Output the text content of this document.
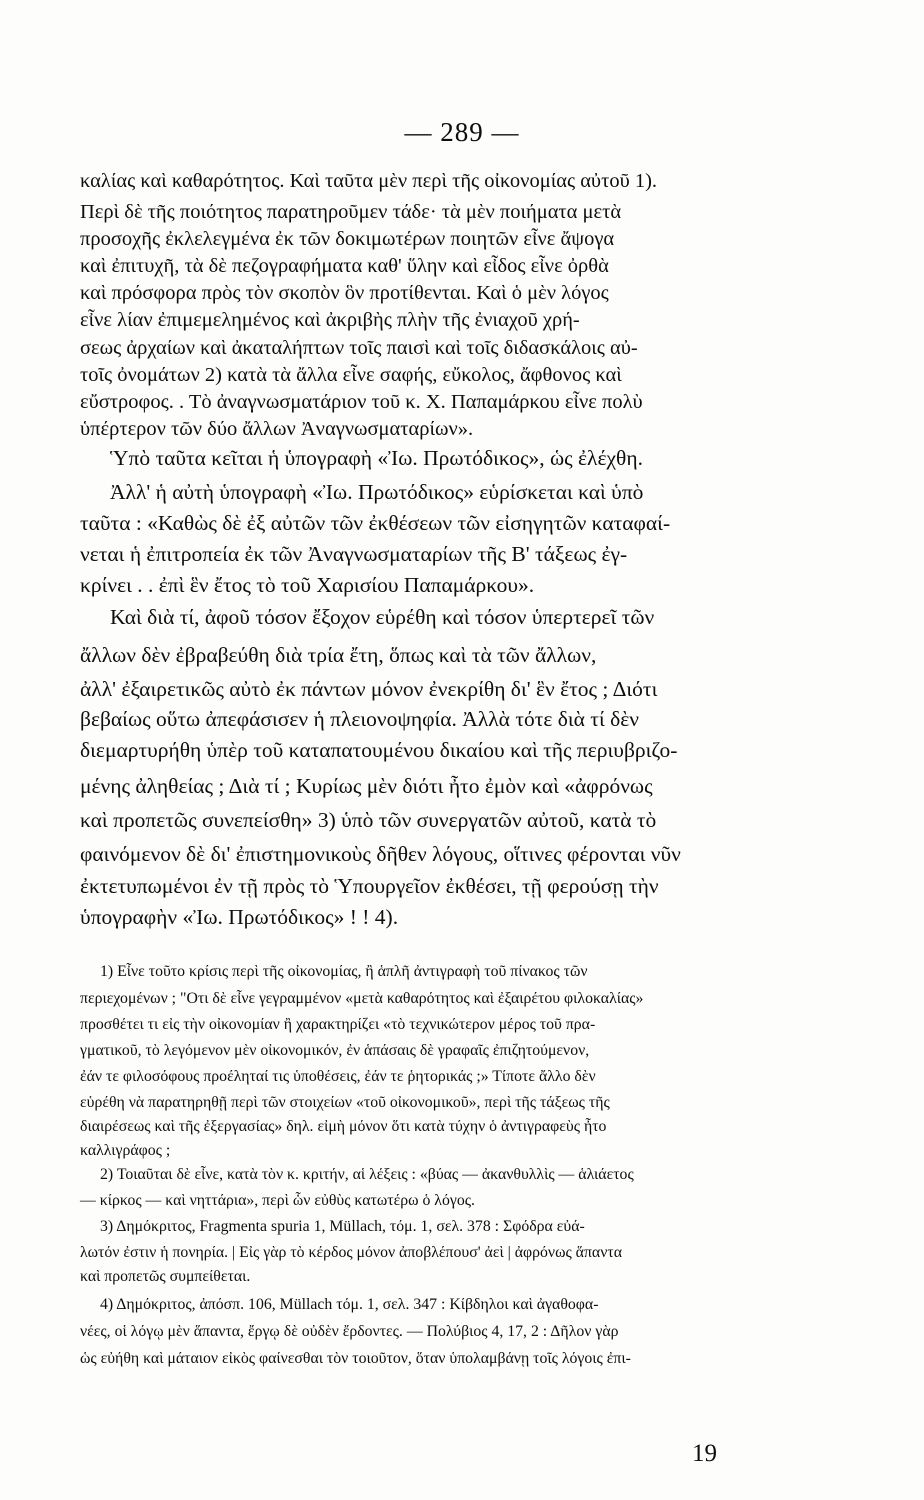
— 289 —
καλίας καὶ καθαρότητος. Καὶ ταῦτα μὲν περὶ τῆς οἰκονομίας αὐτοῦ 1).
Περὶ δὲ τῆς ποιότητος παρατηροῦμεν τάδε· τὰ μὲν ποιήματα μετὰ
προσοχῆς ἐκλελεγμένα ἐκ τῶν δοκιμωτέρων ποιητῶν εἶνε ἄψογα
καὶ ἐπιτυχῆ, τὰ δὲ πεζογραφήματα καθ' ὕλην καὶ εἶδος εἶνε ὀρθὰ
καὶ πρόσφορα πρὸς τὸν σκοπὸν ὃν προτίθενται. Καὶ ὁ μὲν λόγος
εἶνε λίαν ἐπιμεμελημένος καὶ ἀκριβὴς πλὴν τῆς ἐνιαχοῦ χρή-
σεως ἀρχαίων καὶ ἀκαταλήπτων τοῖς παισὶ καὶ τοῖς διδασκάλοις αὐ-
τοῖς ὀνομάτων 2) κατὰ τὰ ἄλλα εἶνε σαφής, εὔκολος, ἄφθονος καὶ
εὔστροφος. . Τὸ ἀναγνωσματάριον τοῦ κ. Χ. Παπαμάρκου εἶνε πολὺ
ὑπέρτερον τῶν δύο ἄλλων Ἀναγνωσματαρίων».
Ὑπὸ ταῦτα κεῖται ἡ ὑπογραφὴ «Ἰω. Πρωτόδικος», ὡς ἐλέχθη.
Ἀλλ' ἡ αὐτὴ ὑπογραφὴ «Ἰω. Πρωτόδικος» εὑρίσκεται καὶ ὑπὸ
ταῦτα : «Καθὼς δὲ ἐξ αὐτῶν τῶν ἐκθέσεων τῶν εἰσηγητῶν καταφαί-
νεται ἡ ἐπιτροπεία ἐκ τῶν Ἀναγνωσματαρίων τῆς Β' τάξεως ἐγ-
κρίνει . . ἐπὶ ἓν ἔτος τὸ τοῦ Χαρισίου Παπαμάρκου».
Καὶ διὰ τί, ἀφοῦ τόσον ἔξοχον εὑρέθη καὶ τόσον ὑπερτερεῖ τῶν
ἄλλων δὲν ἐβραβεύθη διὰ τρία ἔτη, ὅπως καὶ τὰ τῶν ἄλλων,
ἀλλ' ἐξαιρετικῶς αὐτὸ ἐκ πάντων μόνον ἐνεκρίθη δι' ἓν ἔτος ; Διότι
βεβαίως οὕτω ἀπεφάσισεν ἡ πλειονοψηφία. Ἀλλὰ τότε διὰ τί δὲν
διεμαρτυρήθη ὑπὲρ τοῦ καταπατουμένου δικαίου καὶ τῆς περιυβριζο-
μένης ἀληθείας ; Διὰ τί ; Κυρίως μὲν διότι ἦτο ἐμὸν καὶ «ἀφρόνως
καὶ προπετῶς συνεπείσθη» 3) ὑπὸ τῶν συνεργατῶν αὐτοῦ, κατὰ τὸ
φαινόμενον δὲ δι' ἐπιστημονικοὺς δῆθεν λόγους, οἵτινες φέρονται νῦν
ἐκτετυπωμένοι ἐν τῇ πρὸς τὸ Ὑπουργεῖον ἐκθέσει, τῇ φερούσῃ τὴν
ὑπογραφὴν «Ἰω. Πρωτόδικος» ! ! 4).
1) Εἶνε τοῦτο κρίσις περὶ τῆς οἰκονομίας, ἢ ἁπλῆ ἀντιγραφὴ τοῦ πίνακος τῶν
περιεχομένων ; "Οτι δὲ εἶνε γεγραμμένον «μετὰ καθαρότητος καὶ ἐξαιρέτου φιλοκαλίας»
προσθέτει τι εἰς τὴν οἰκονομίαν ἢ χαρακτηρίζει «τὸ τεχνικώτερον μέρος τοῦ πρα-
γματικοῦ, τὸ λεγόμενον μὲν οἰκονομικόν, ἐν ἁπάσαις δὲ γραφαῖς ἐπιζητούμενον,
ἐάν τε φιλοσόφους προέληταί τις ὑποθέσεις, ἐάν τε ῥητορικάς ;» Τίποτε ἄλλο δὲν
εὑρέθη νὰ παρατηρηθῇ περὶ τῶν στοιχείων «τοῦ οἰκονομικοῦ», περὶ τῆς τάξεως τῆς
διαιρέσεως καὶ τῆς ἐξεργασίας» δηλ. εἰμὴ μόνον ὅτι κατὰ τύχην ὁ ἀντιγραφεὺς ἦτο
καλλιγράφος ;
2) Τοιαῦται δὲ εἶνε, κατὰ τὸν κ. κριτήν, αἱ λέξεις : «βύας — ἀκανθυλλὶς — ἁλιάετος
— κίρκος — καὶ νηττάρια», περὶ ὧν εὐθὺς κατωτέρω ὁ λόγος.
3) Δημόκριτος, Fragmenta spuria 1, Müllach, τόμ. 1, σελ. 378 : Σφόδρα εὐά-
λωτόν ἐστιν ἡ πονηρία. | Εἰς γὰρ τὸ κέρδος μόνον ἀποβλέπουσ' ἀεὶ | ἀφρόνως ἅπαντα
καὶ προπετῶς συμπείθεται.
4) Δημόκριτος, ἀπόσπ. 106, Müllach τόμ. 1, σελ. 347 : Κίβδηλοι καὶ ἀγαθοφα-
νέες, οἱ λόγῳ μὲν ἅπαντα, ἔργῳ δὲ οὐδὲν ἔρδοντες. — Πολύβιος 4, 17, 2 : Δῆλον γὰρ
ὡς εὐήθη καὶ μάταιον εἰκὸς φαίνεσθαι τὸν τοιοῦτον, ὅταν ὑπολαμβάνῃ τοῖς λόγοις ἐπι-
19
